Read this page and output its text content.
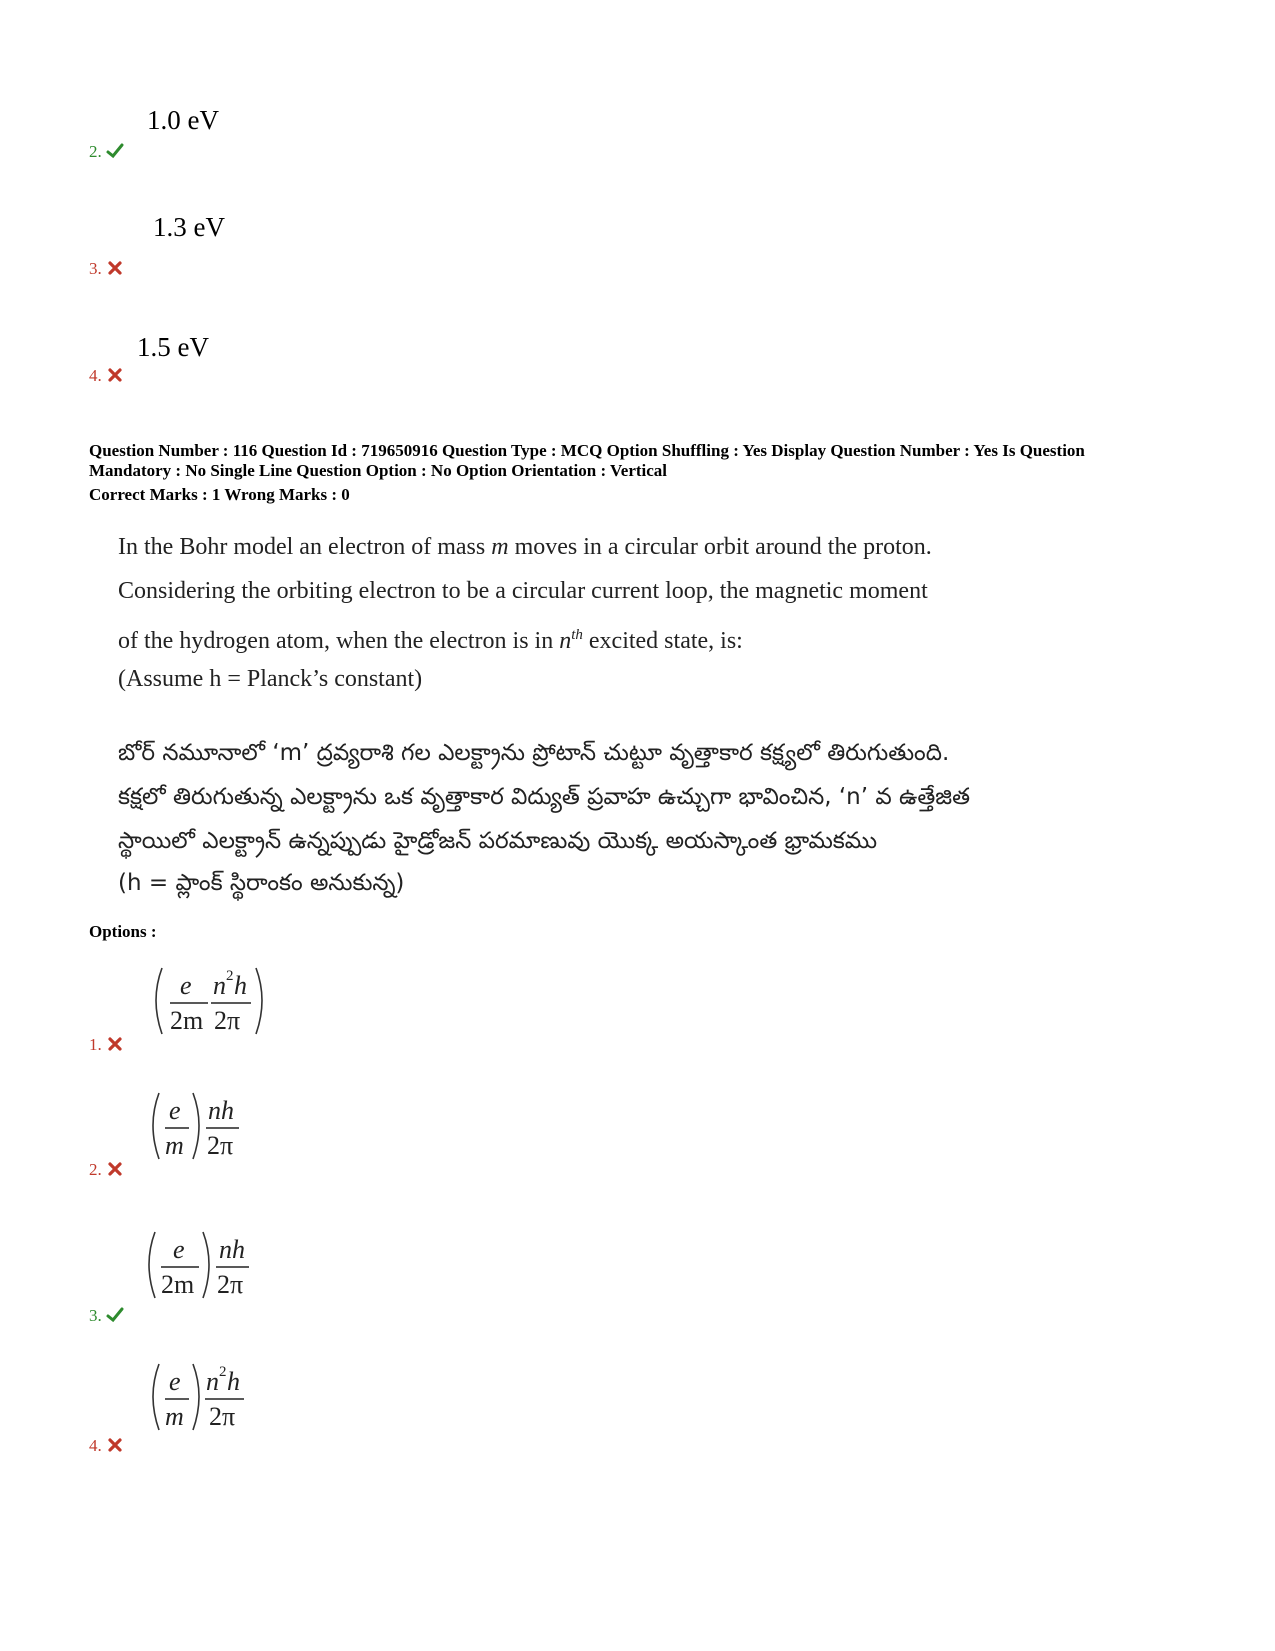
1.0 eV
2.
1.3 eV
3.
1.5 eV
4.
Question Number : 116 Question Id : 719650916 Question Type : MCQ Option Shuffling : Yes Display Question Number : Yes Is Question
Mandatory : No Single Line Question Option : No Option Orientation : Vertical
Correct Marks : 1 Wrong Marks : 0
In the Bohr model an electron of mass m moves in a circular orbit around the proton.
Considering the orbiting electron to be a circular current loop, the magnetic moment
of the hydrogen atom, when the electron is in $n^{th}$ excited state, is:
(Assume h = Planck’s constant)
బోర్ నమూనాలో ‘m’ ద్రవ్యరాశి గల ఎలక్ట్రాను ప్రోటాన్ చుట్టూ వృత్తాకార కక్ష్యలో తిరుగుతుంది.
కక్షలో తిరుగుతున్న ఎలక్ట్రాను ఒక వృత్తాకార విద్యుత్ ప్రవాహ ఉచ్చుగా భావించిన, ‘n’ వ ఉత్తేజిత
స్థాయిలో ఎలక్ట్రాన్ ఉన్నప్పుడు హైడ్రోజన్ పరమాణువు యొక్క అయస్కాంత భ్రామకము
(h = ప్లాంక్ స్థిరాంకం అనుకున్న)
Options :
e
2m
n 2 h
2π
1.
e
m
nh
2π
2.
e
2m
nh
2π
3.
e
m
n 2 h
2π
4.
